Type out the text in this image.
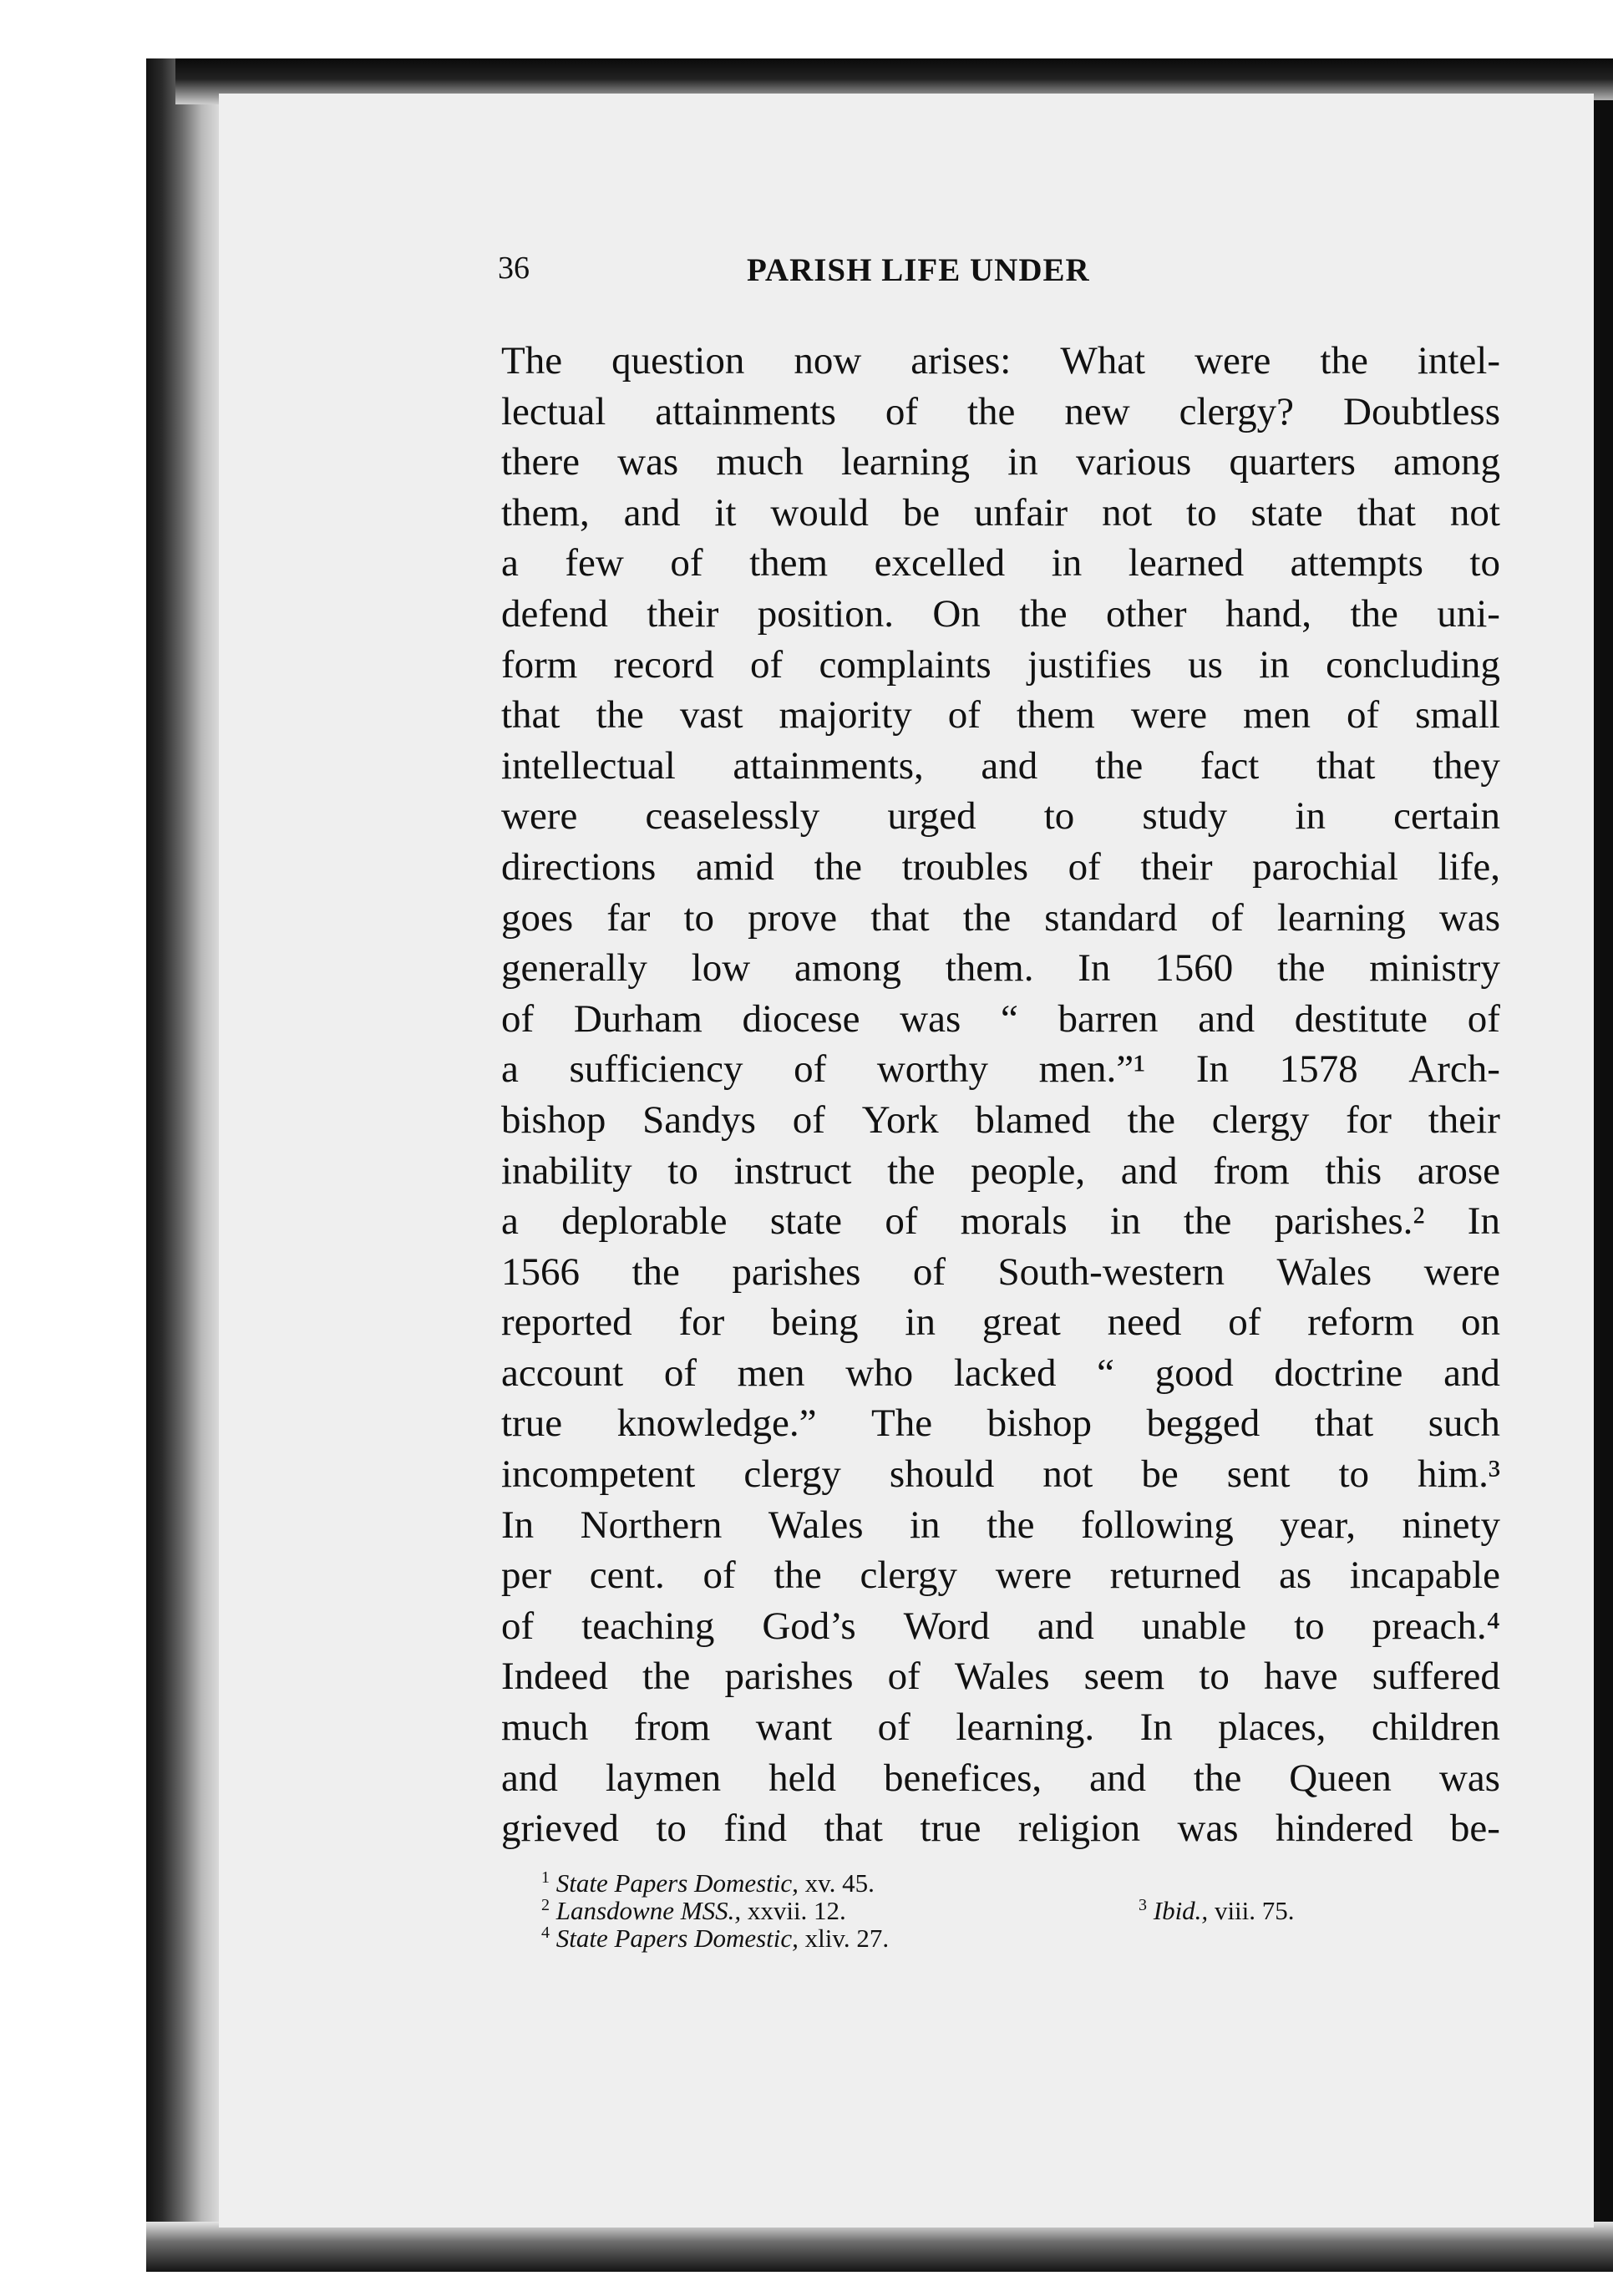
36	PARISH LIFE UNDER
The question now arises: What were the intel-
lectual attainments of the new clergy? Doubtless
there was much learning in various quarters among
them, and it would be unfair not to state that not
a few of them excelled in learned attempts to
defend their position. On the other hand, the uni-
form record of complaints justifies us in concluding
that the vast majority of them were men of small
intellectual attainments, and the fact that they
were ceaselessly urged to study in certain
directions amid the troubles of their parochial life,
goes far to prove that the standard of learning was
generally low among them. In 1560 the ministry
of Durham diocese was “ barren and destitute of
a sufficiency of worthy men.”¹ In 1578 Arch-
bishop Sandys of York blamed the clergy for their
inability to instruct the people, and from this arose
a deplorable state of morals in the parishes.² In
1566 the parishes of South-western Wales were
reported for being in great need of reform on
account of men who lacked “ good doctrine and
true knowledge.” The bishop begged that such
incompetent clergy should not be sent to him.³
In Northern Wales in the following year, ninety
per cent. of the clergy were returned as incapable
of teaching God’s Word and unable to preach.⁴
Indeed the parishes of Wales seem to have suffered
much from want of learning. In places, children
and laymen held benefices, and the Queen was
grieved to find that true religion was hindered be-
$^1$ State Papers Domestic, xv. 45.
$^2$ Lansdowne MSS., xxvii. 12.	$^3$ Ibid., viii. 75.
$^4$ State Papers Domestic, xliv. 27.
